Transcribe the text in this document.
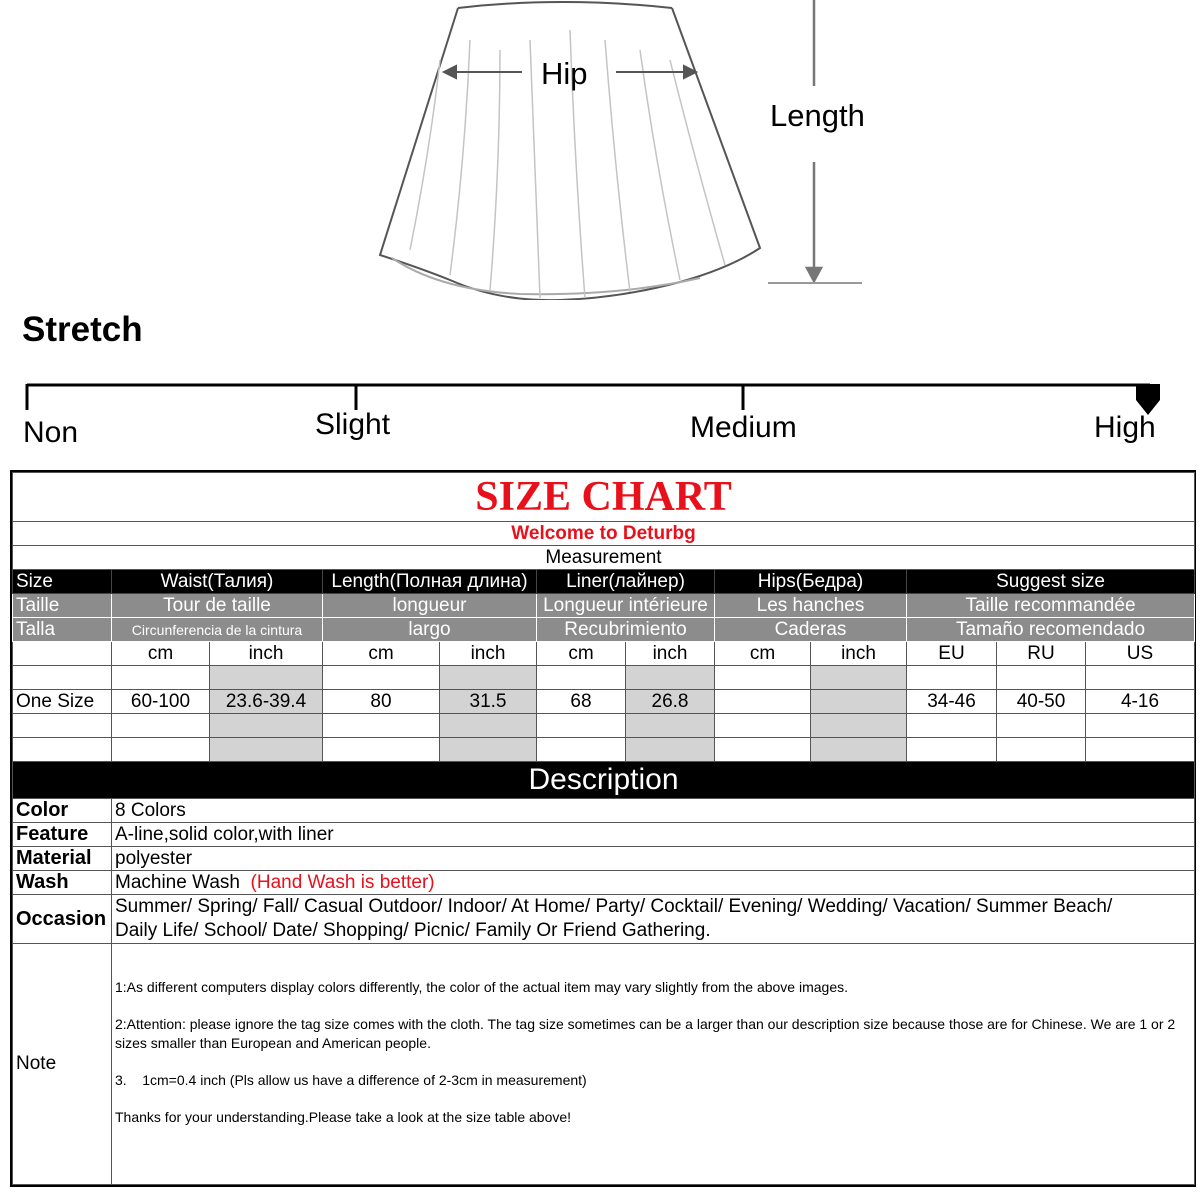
Hip
Length
Stretch
Non	Slight	Medium	High
SIZE CHART											
Welcome to Deturbg											
Measurement											
Size	Waist(Талия)		Length(Полная длина)		Liner(лайнер)		Hips(Бедра)		Suggest size		
Taille	Tour de taille		longueur		Longueur intérieure		Les hanches		Taille recommandée		
Talla	Circunferencia de la cintura		largo		Recubrimiento		Caderas		Tamaño recomendado		
	cm	inch	cm	inch	cm	inch	cm	inch	EU	RU	US

One Size	60-100	23.6-39.4	80	31.5	68	26.8			34-46	40-50	4-16

Description											
Color	8 Colors										
Feature	A-line,solid color,with liner										
Material	polyester										
Wash	Machine Wash (Hand Wash is better)										
Occasion	Summer/ Spring/ Fall/ Casual Outdoor/ Indoor/ At Home/ Party/ Cocktail/ Evening/ Wedding/ Vacation/ Summer Beach/
Daily Life/ School/ Date/ Shopping/ Picnic/ Family Or Friend Gathering.										

Note	1:As different computers display colors differently, the color of the actual item may vary slightly from the above images.

2:Attention: please ignore the tag size comes with the cloth. The tag size sometimes can be a larger than our description size because those are for Chinese. We are 1 or 2 sizes smaller than European and American people.

3.    1cm=0.4 inch (Pls allow us have a difference of 2-3cm in measurement)

Thanks for your understanding.Please take a look at the size table above!										
